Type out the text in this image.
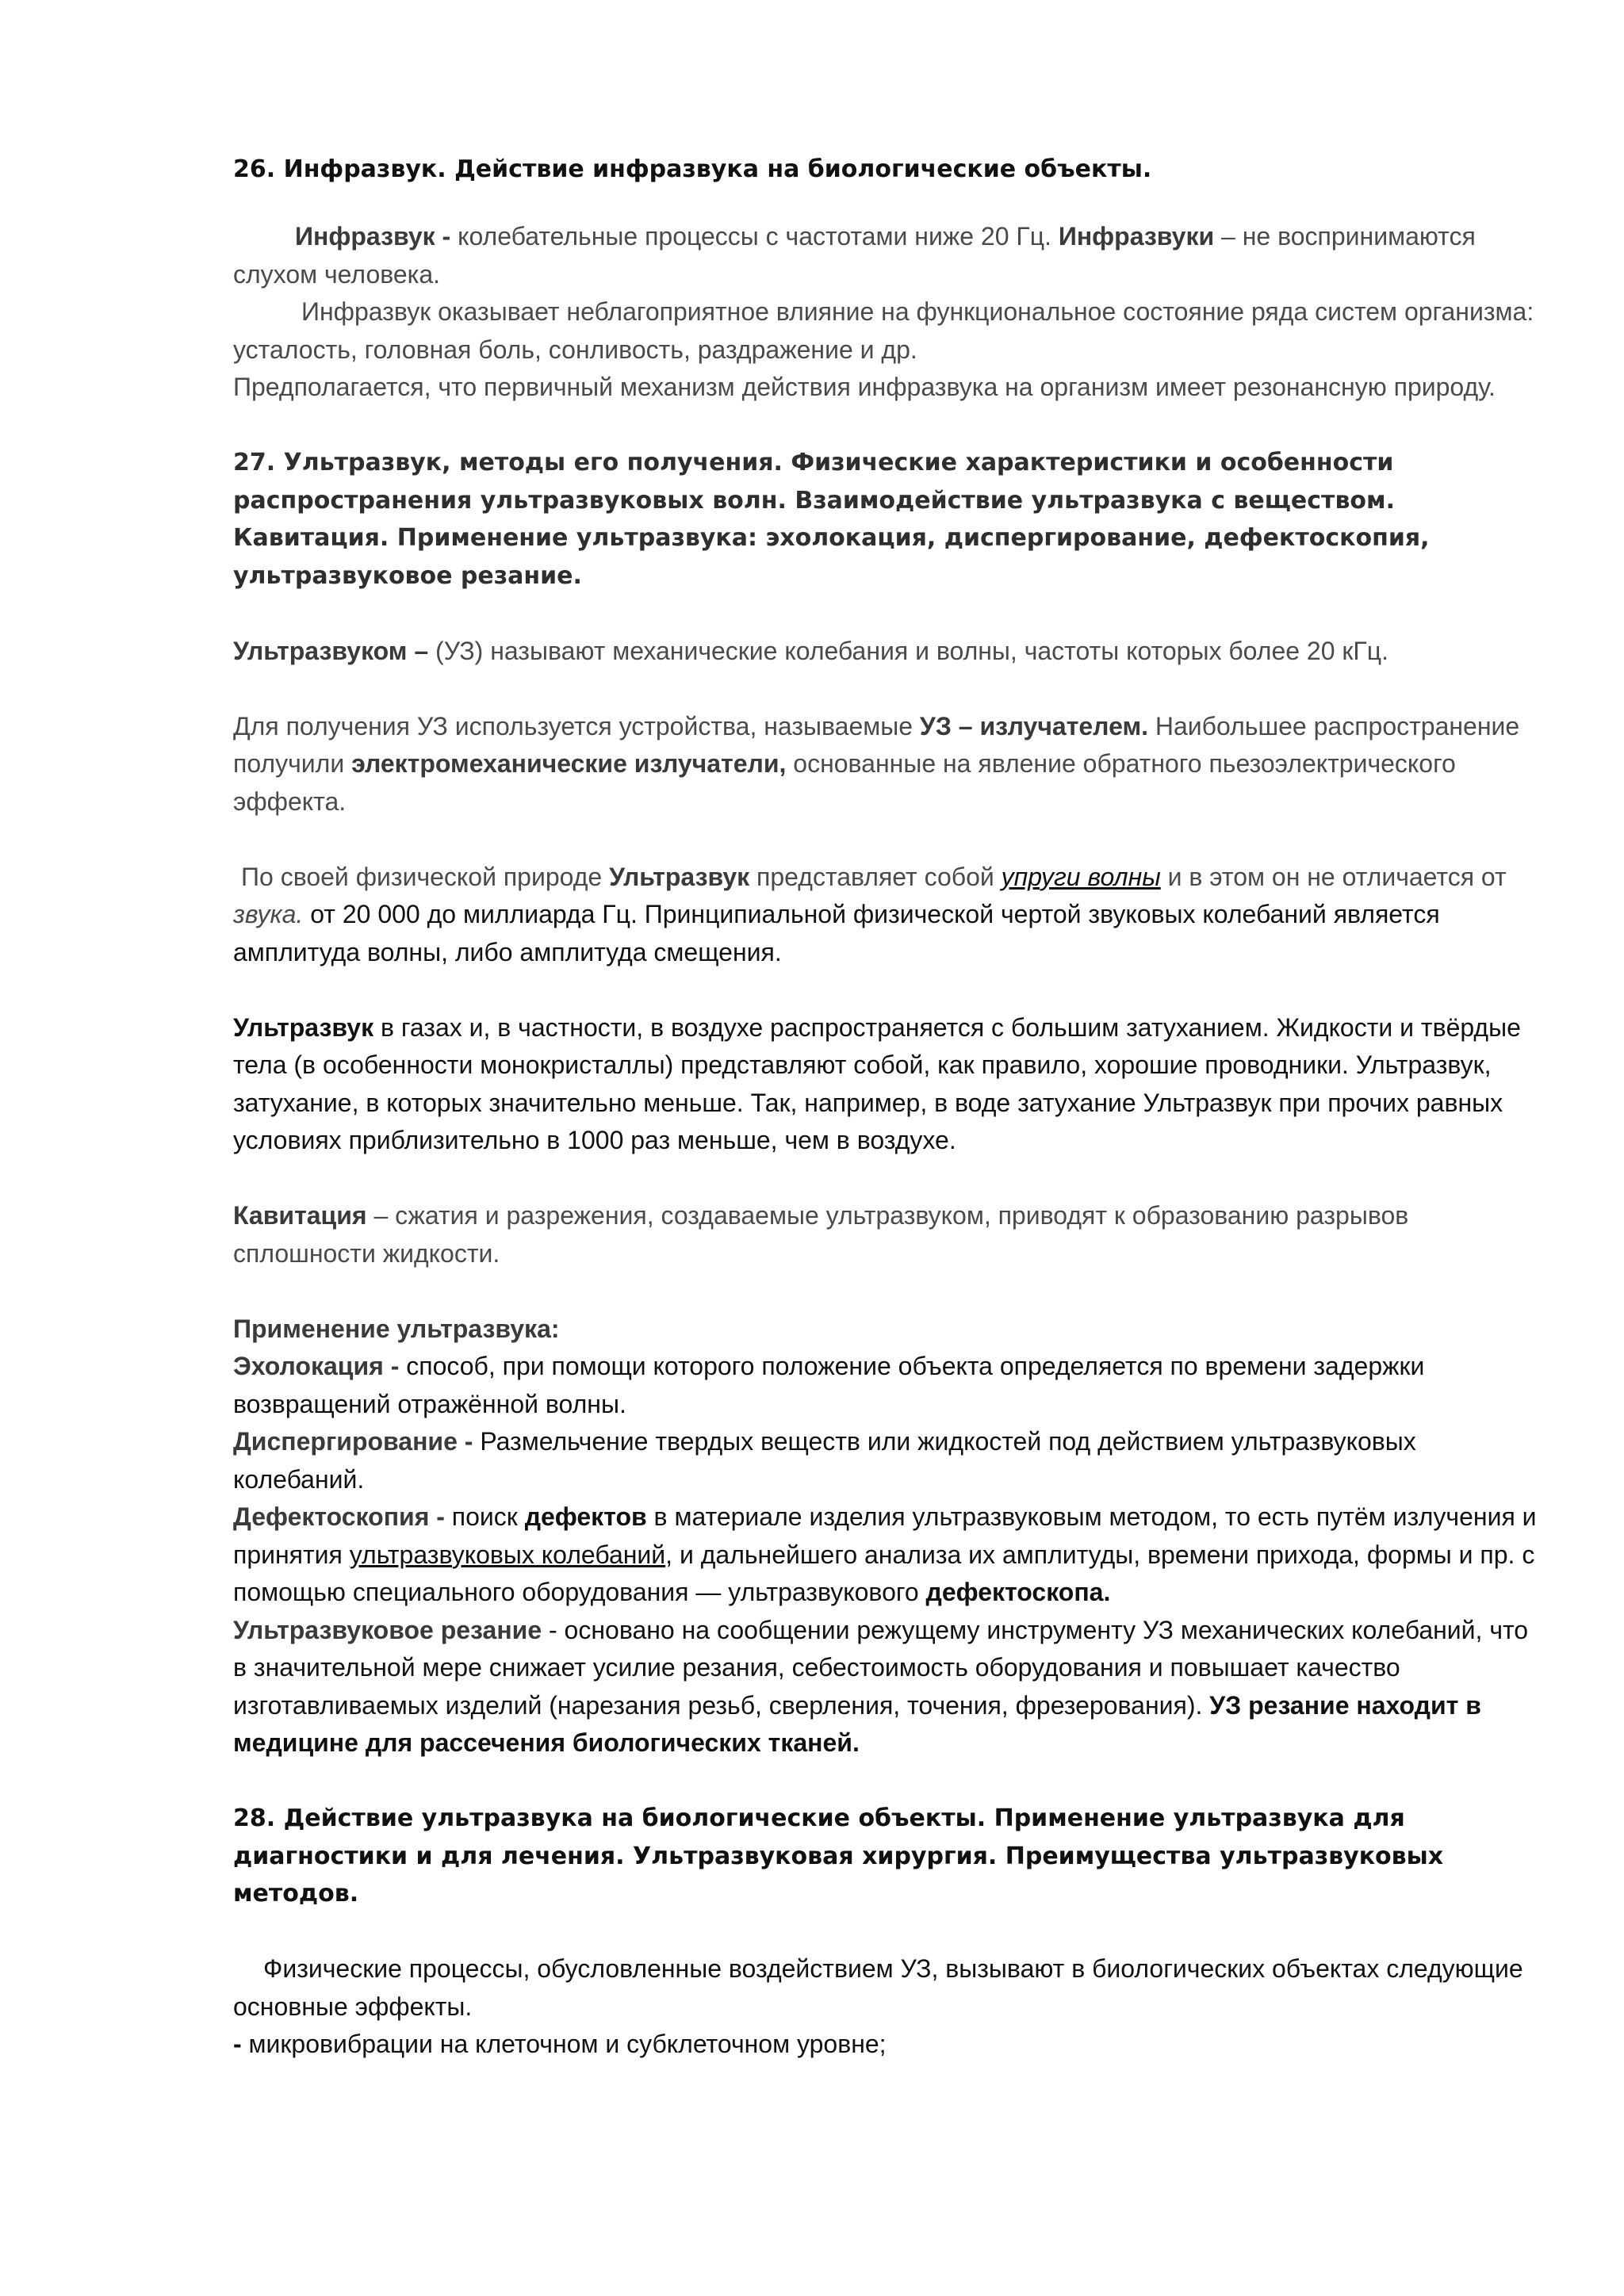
26. Инфразвук. Действие инфразвука на биологические объекты.

Инфразвук - колебательные процессы с частотами ниже 20 Гц. Инфразвуки – не воспринимаются слухом человека.

Инфразвук оказывает неблагоприятное влияние на функциональное состояние ряда систем организма: усталость, головная боль, сонливость, раздражение и др.

Предполагается, что первичный механизм действия инфразвука на организм имеет резонансную природу.

27. Ультразвук, методы его получения. Физические характеристики и особенности распространения ультразвуковых волн. Взаимодействие ультразвука с веществом. Кавитация. Применение ультразвука: эхолокация, диспергирование, дефектоскопия, ультразвуковое резание.

Ультразвуком – (УЗ) называют механические колебания и волны, частоты которых более 20 кГц.

Для получения УЗ используется устройства, называемые УЗ – излучателем. Наибольшее распространение получили электромеханические излучатели, основанные на явление обратного пьезоэлектрического эффекта.

По своей физической природе Ультразвук представляет собой упруги волны и в этом он не отличается от звука. от 20 000 до миллиарда Гц. Принципиальной физической чертой звуковых колебаний является амплитуда волны, либо амплитуда смещения.

Ультразвук в газах и, в частности, в воздухе распространяется с большим затуханием. Жидкости и твёрдые тела (в особенности монокристаллы) представляют собой, как правило, хорошие проводники. Ультразвук, затухание, в которых значительно меньше. Так, например, в воде затухание Ультразвук при прочих равных условиях приблизительно в 1000 раз меньше, чем в воздухе.

Кавитация – сжатия и разрежения, создаваемые ультразвуком, приводят к образованию разрывов сплошности жидкости.

Применение ультразвука:

Эхолокация - способ, при помощи которого положение объекта определяется по времени задержки возвращений отражённой волны.

Диспергирование - Размельчение твердых веществ или жидкостей под действием ультразвуковых колебаний.

Дефектоскопия - поиск дефектов в материале изделия ультразвуковым методом, то есть путём излучения и принятия ультразвуковых колебаний, и дальнейшего анализа их амплитуды, времени прихода, формы и пр. с помощью специального оборудования — ультразвукового дефектоскопа.

Ультразвуковое резание - основано на сообщении режущему инструменту УЗ механических колебаний, что в значительной мере снижает усилие резания, себестоимость оборудования и повышает качество изготавливаемых изделий (нарезания резьб, сверления, точения, фрезерования). УЗ резание находит в медицине для рассечения биологических тканей.

28. Действие ультразвука на биологические объекты. Применение ультразвука для диагностики и для лечения. Ультразвуковая хирургия. Преимущества ультразвуковых методов.

Физические процессы, обусловленные воздействием УЗ, вызывают в биологических объектах следующие основные эффекты.

- микровибрации на клеточном и субклеточном уровне;
